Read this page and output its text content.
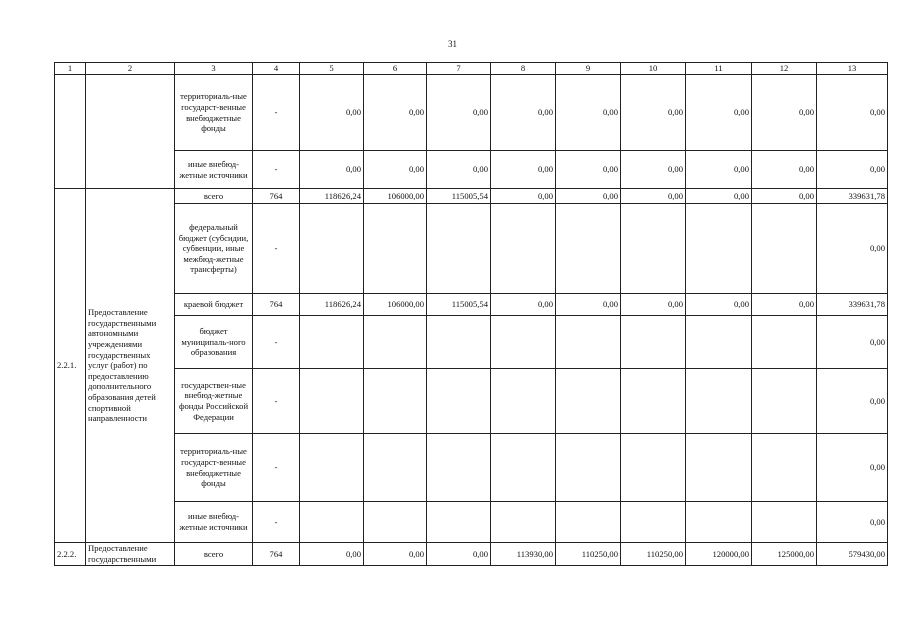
31
1	2	3	4	5	6	7	8	9	10	11	12	13
		территориаль-ные государст-венные внебюджетные фонды	-	0,00	0,00	0,00	0,00	0,00	0,00	0,00	0,00	0,00
		иные внебюд-жетные источники	-	0,00	0,00	0,00	0,00	0,00	0,00	0,00	0,00	0,00
2.2.1.	Предоставление государственными автономными учреждениями государственных услуг (работ) по предоставлению дополнительного образования детей спортивной направленности	всего	764	118626,24	106000,00	115005,54	0,00	0,00	0,00	0,00	0,00	339631,78
		федеральный бюджет (субсидии, субвенции, иные межбюд-жетные трансферты)	-									0,00
		краевой бюджет	764	118626,24	106000,00	115005,54	0,00	0,00	0,00	0,00	0,00	339631,78
		бюджет муниципаль-ного образования	-									0,00
		государствен-ные внебюд-жетные фонды Российской Федерации	-									0,00
		территориаль-ные государст-венные внебюджетные фонды	-									0,00
		иные внебюд-жетные источники	-									0,00
2.2.2.	Предоставление государственными	всего	764	0,00	0,00	0,00	113930,00	110250,00	110250,00	120000,00	125000,00	579430,00
